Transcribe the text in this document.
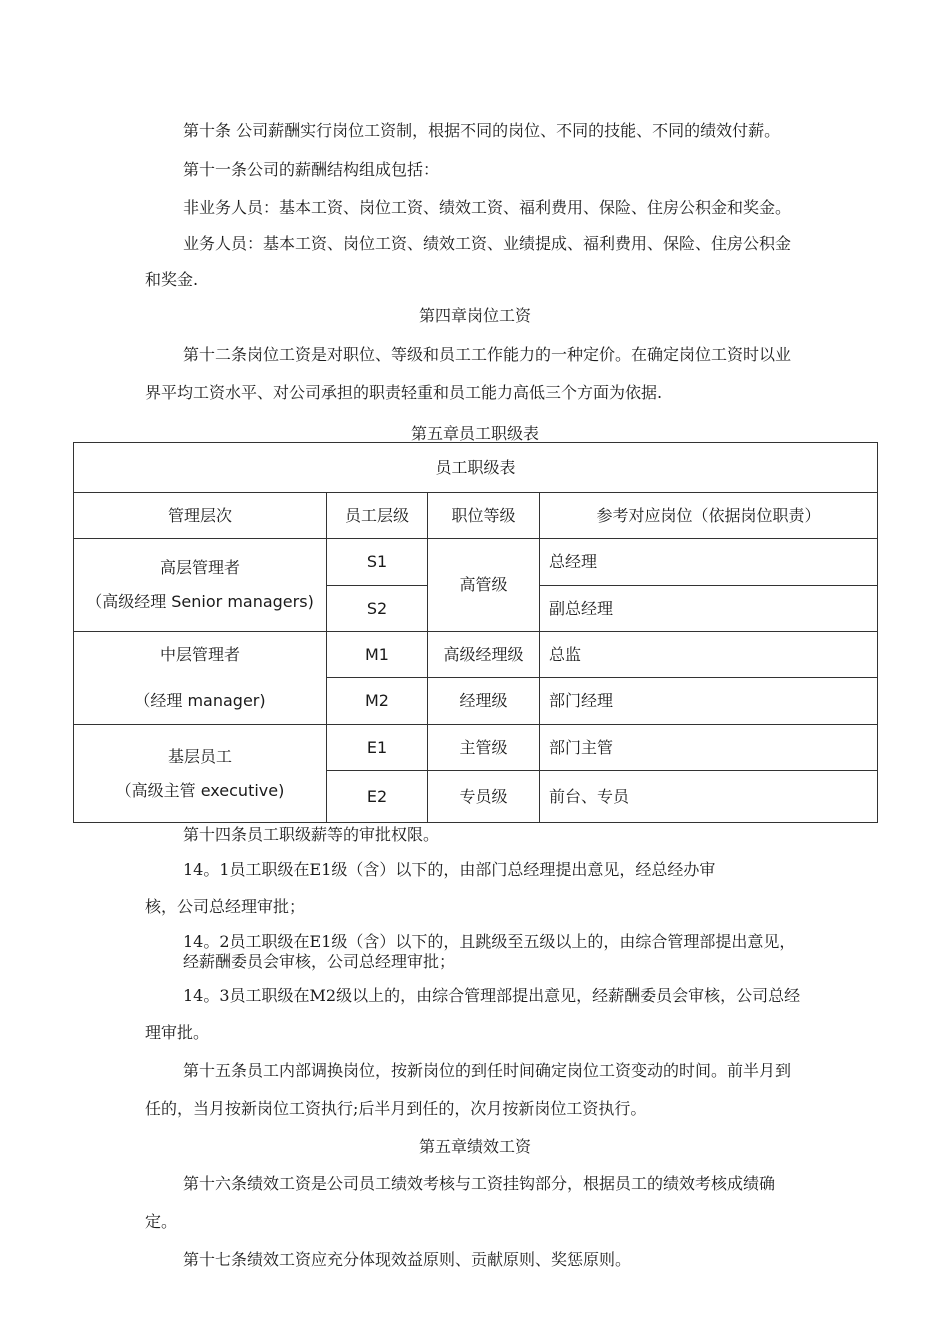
第十条 公司薪酬实行岗位工资制，根据不同的岗位、不同的技能、不同的绩效付薪。
第十一条公司的薪酬结构组成包括：
非业务人员：基本工资、岗位工资、绩效工资、福利费用、保险、住房公积金和奖金。
业务人员：基本工资、岗位工资、绩效工资、业绩提成、福利费用、保险、住房公积金
和奖金.
第四章岗位工资
第十二条岗位工资是对职位、等级和员工工作能力的一种定价。在确定岗位工资时以业
界平均工资水平、对公司承担的职责轻重和员工能力高低三个方面为依据.
第五章员工职级表
员工职级表			
管理层次	员工层级	职位等级	参考对应岗位（依据岗位职责）
高层管理者
（高级经理 Senior managers)	S1	高管级	总经理
	S2		副总经理
中层管理者
（经理 manager)	M1	高级经理级	总监
	M2	经理级	部门经理
基层员工
（高级主管 executive)	E1	主管级	部门主管
	E2	专员级	前台、专员
第十四条员工职级薪等的审批权限。
14。1员工职级在E1级（含）以下的，由部门总经理提出意见，经总经办审
核，公司总经理审批；
14。2员工职级在E1级（含）以下的，且跳级至五级以上的，由综合管理部提出意见，
经薪酬委员会审核，公司总经理审批；
14。3员工职级在M2级以上的，由综合管理部提出意见，经薪酬委员会审核，公司总经
理审批。
第十五条员工内部调换岗位，按新岗位的到任时间确定岗位工资变动的时间。前半月到
任的，当月按新岗位工资执行;后半月到任的，次月按新岗位工资执行。
第五章绩效工资
第十六条绩效工资是公司员工绩效考核与工资挂钩部分，根据员工的绩效考核成绩确
定。
第十七条绩效工资应充分体现效益原则、贡献原则、奖惩原则。
